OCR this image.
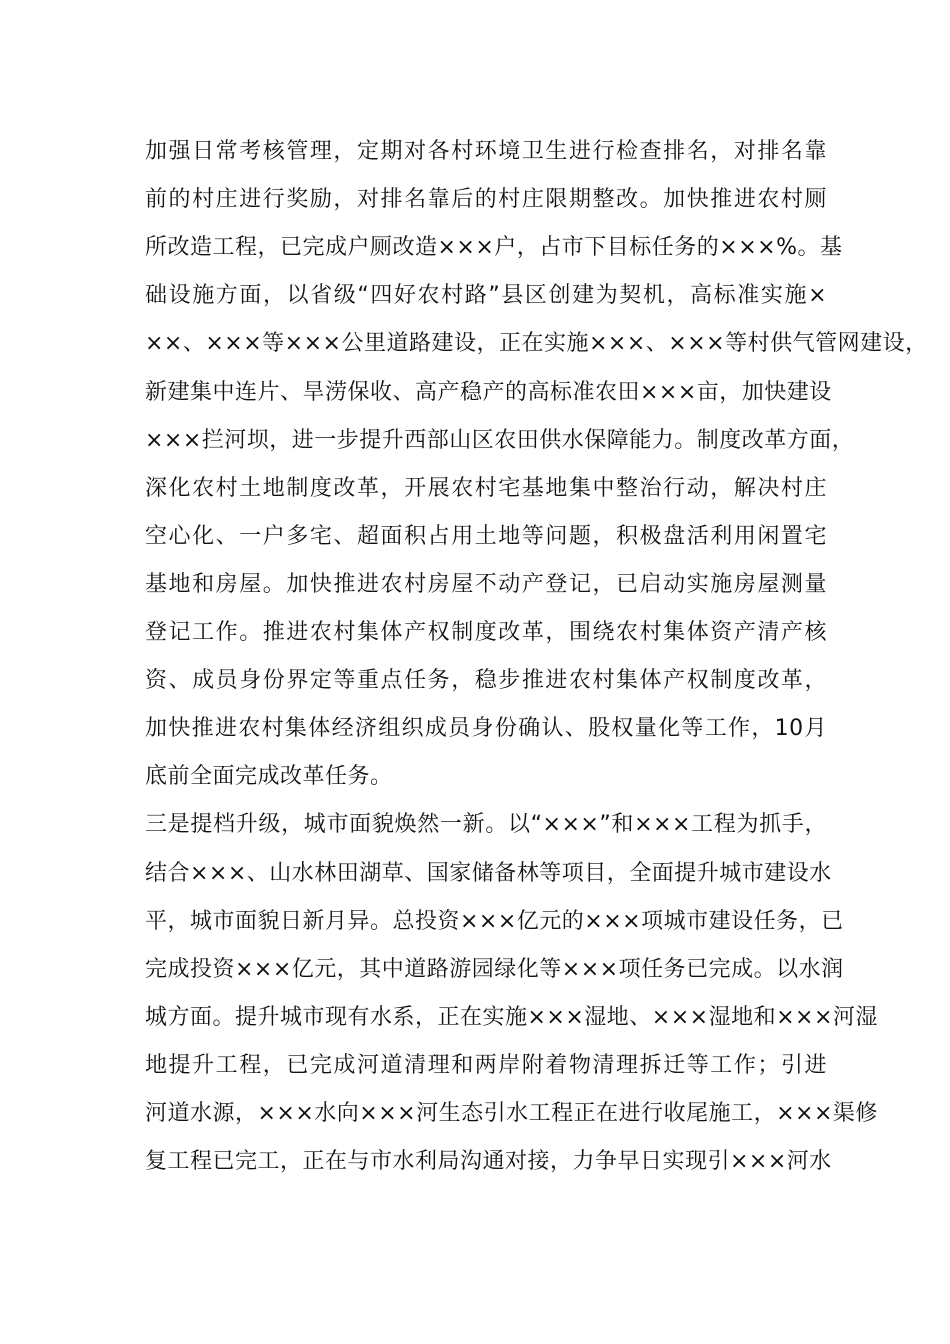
加强日常考核管理，定期对各村环境卫生进行检查排名，对排名靠
前的村庄进行奖励，对排名靠后的村庄限期整改。加快推进农村厕
所改造工程，已完成户厕改造×××户，占市下目标任务的×××%。基
础设施方面，以省级“四好农村路”县区创建为契机，高标准实施×
××、×××等×××公里道路建设，正在实施×××、×××等村供气管网建设，
新建集中连片、旱涝保收、高产稳产的高标准农田×××亩，加快建设
×××拦河坝，进一步提升西部山区农田供水保障能力。制度改革方面，
深化农村土地制度改革，开展农村宅基地集中整治行动，解决村庄
空心化、一户多宅、超面积占用土地等问题，积极盘活利用闲置宅
基地和房屋。加快推进农村房屋不动产登记，已启动实施房屋测量
登记工作。推进农村集体产权制度改革，围绕农村集体资产清产核
资、成员身份界定等重点任务，稳步推进农村集体产权制度改革，
加快推进农村集体经济组织成员身份确认、股权量化等工作，10月
底前全面完成改革任务。
三是提档升级，城市面貌焕然一新。以“×××”和×××工程为抓手，
结合×××、山水林田湖草、国家储备林等项目，全面提升城市建设水
平，城市面貌日新月异。总投资×××亿元的×××项城市建设任务，已
完成投资×××亿元，其中道路游园绿化等×××项任务已完成。以水润
城方面。提升城市现有水系，正在实施×××湿地、×××湿地和×××河湿
地提升工程，已完成河道清理和两岸附着物清理拆迁等工作；引进
河道水源，×××水向×××河生态引水工程正在进行收尾施工，×××渠修
复工程已完工，正在与市水利局沟通对接，力争早日实现引×××河水
